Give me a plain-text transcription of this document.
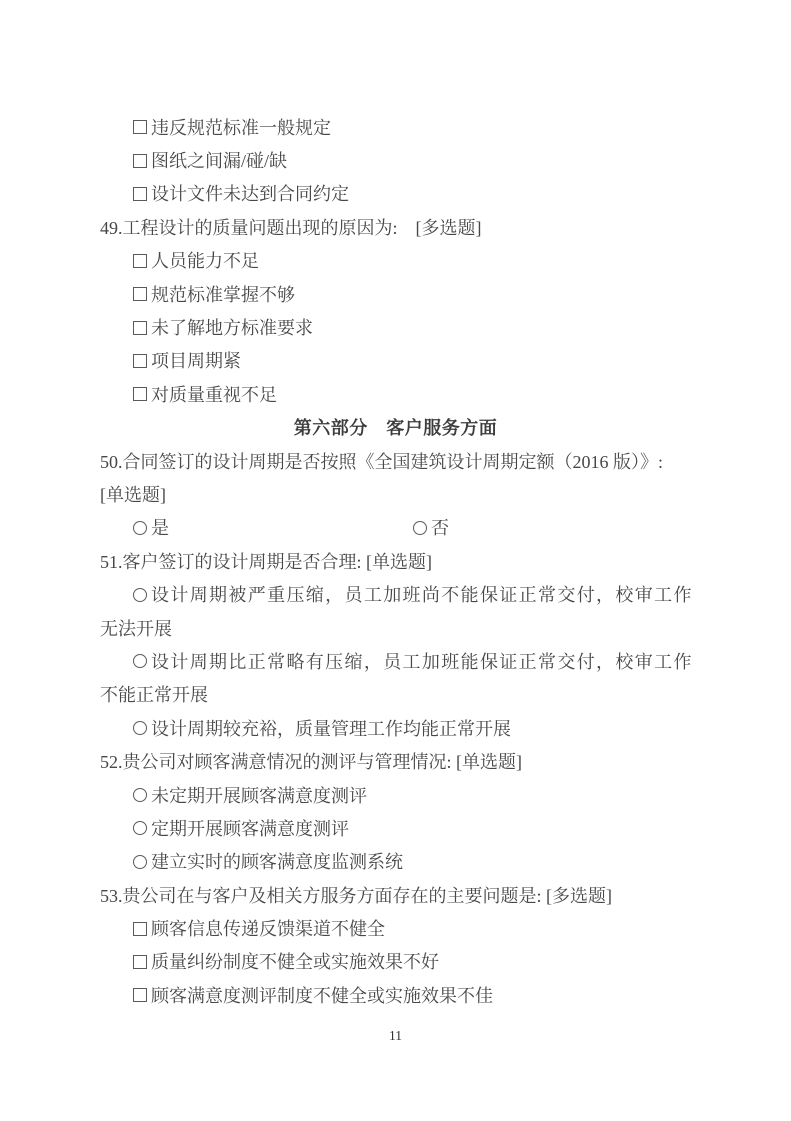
违反规范标准一般规定
图纸之间漏/碰/缺
设计文件未达到合同约定
49.工程设计的质量问题出现的原因为:　[多选题]
人员能力不足
规范标准掌握不够
未了解地方标准要求
项目周期紧
对质量重视不足
第六部分　客户服务方面
50.合同签订的设计周期是否按照《全国建筑设计周期定额（2016 版）》:
[单选题]
是	否
51.客户签订的设计周期是否合理: [单选题]
设计周期被严重压缩，员工加班尚不能保证正常交付，校审工作
无法开展
设计周期比正常略有压缩，员工加班能保证正常交付，校审工作
不能正常开展
设计周期较充裕，质量管理工作均能正常开展
52.贵公司对顾客满意情况的测评与管理情况: [单选题]
未定期开展顾客满意度测评
定期开展顾客满意度测评
建立实时的顾客满意度监测系统
53.贵公司在与客户及相关方服务方面存在的主要问题是: [多选题]
顾客信息传递反馈渠道不健全
质量纠纷制度不健全或实施效果不好
顾客满意度测评制度不健全或实施效果不佳
11
